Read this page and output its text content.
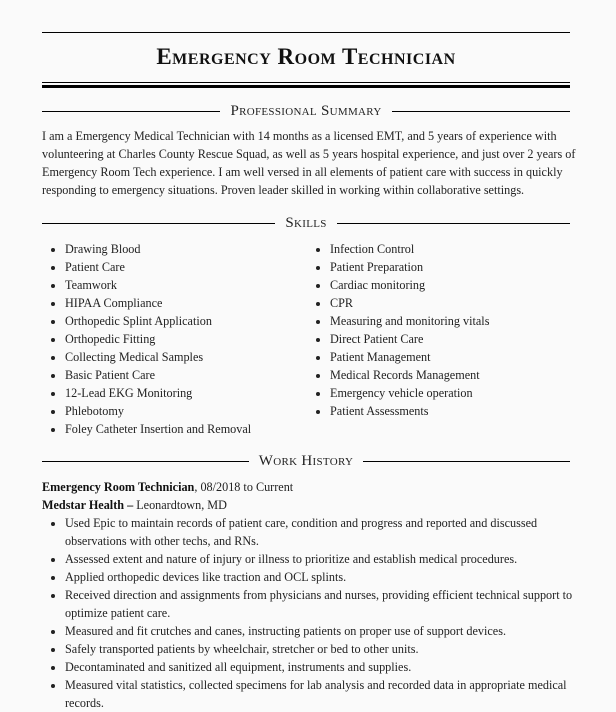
Emergency Room Technician
Professional Summary
I am a Emergency Medical Technician with 14 months as a licensed EMT, and 5 years of experience with volunteering at Charles County Rescue Squad, as well as 5 years hospital experience, and just over 2 years of Emergency Room Tech experience. I am well versed in all elements of patient care with success in quickly responding to emergency situations. Proven leader skilled in working within collaborative settings.
Skills
• Drawing Blood
• Patient Care
• Teamwork
• HIPAA Compliance
• Orthopedic Splint Application
• Orthopedic Fitting
• Collecting Medical Samples
• Basic Patient Care
• 12-Lead EKG Monitoring
• Phlebotomy
• Foley Catheter Insertion and Removal
• Infection Control
• Patient Preparation
• Cardiac monitoring
• CPR
• Measuring and monitoring vitals
• Direct Patient Care
• Patient Management
• Medical Records Management
• Emergency vehicle operation
• Patient Assessments
Work History
Emergency Room Technician, 08/2018 to Current
Medstar Health – Leonardtown, MD
• Used Epic to maintain records of patient care, condition and progress and reported and discussed observations with other techs, and RNs.
• Assessed extent and nature of injury or illness to prioritize and establish medical procedures.
• Applied orthopedic devices like traction and OCL splints.
• Received direction and assignments from physicians and nurses, providing efficient technical support to optimize patient care.
• Measured and fit crutches and canes, instructing patients on proper use of support devices.
• Safely transported patients by wheelchair, stretcher or bed to other units.
• Decontaminated and sanitized all equipment, instruments and supplies.
• Measured vital statistics, collected specimens for lab analysis and recorded data in appropriate medical records.
